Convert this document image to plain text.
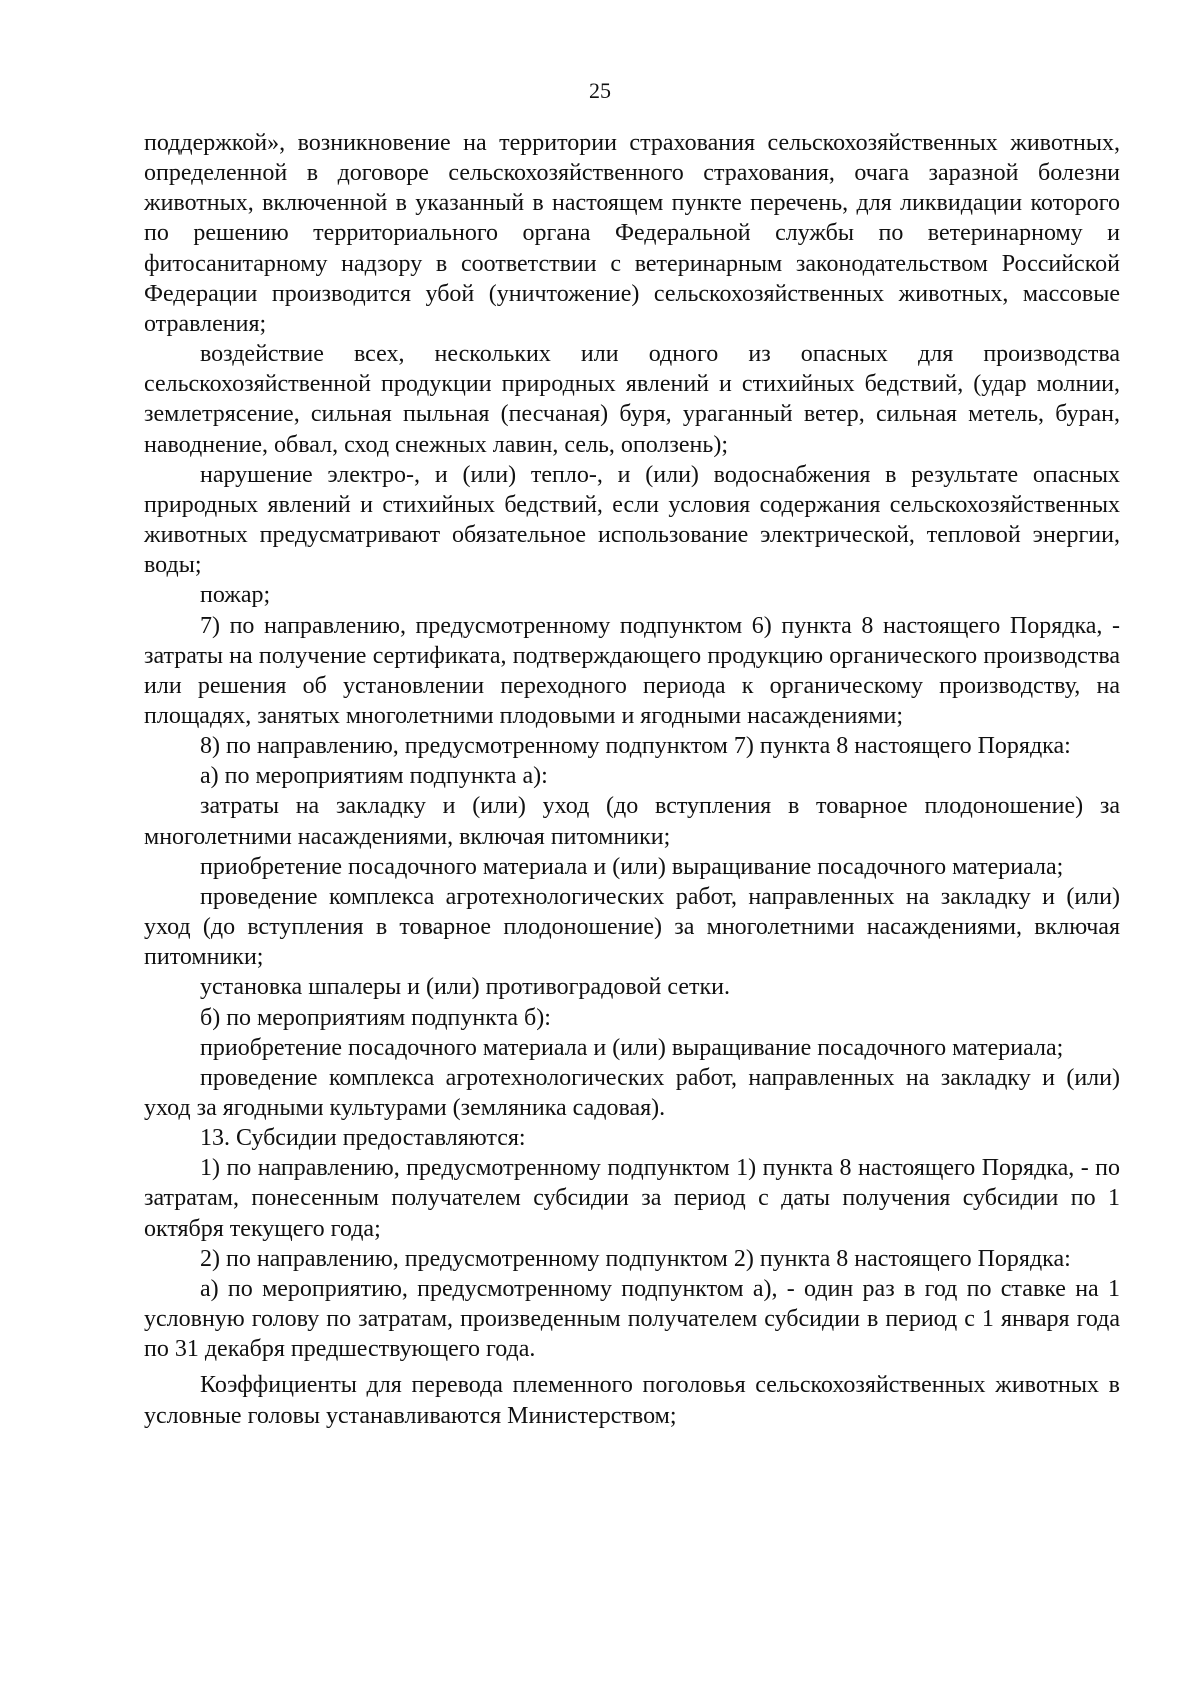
25

поддержкой», возникновение на территории страхования сельскохозяйственных животных, определенной в договоре сельскохозяйственного страхования, очага заразной болезни животных, включенной в указанный в настоящем пункте перечень, для ликвидации которого по решению территориального органа Федеральной службы по ветеринарному и фитосанитарному надзору в соответствии с ветеринарным законодательством Российской Федерации производится убой (уничтожение) сельскохозяйственных животных, массовые отравления;

воздействие всех, нескольких или одного из опасных для производства сельскохозяйственной продукции природных явлений и стихийных бедствий, (удар молнии, землетрясение, сильная пыльная (песчаная) буря, ураганный ветер, сильная метель, буран, наводнение, обвал, сход снежных лавин, сель, оползень);

нарушение электро-, и (или) тепло-, и (или) водоснабжения в результате опасных природных явлений и стихийных бедствий, если условия содержания сельскохозяйственных животных предусматривают обязательное использование электрической, тепловой энергии, воды;

пожар;

7) по направлению, предусмотренному подпунктом 6) пункта 8 настоящего Порядка, - затраты на получение сертификата, подтверждающего продукцию органического производства или решения об установлении переходного периода к органическому производству, на площадях, занятых многолетними плодовыми и ягодными насаждениями;

8) по направлению, предусмотренному подпунктом 7) пункта 8 настоящего Порядка:

а) по мероприятиям подпункта а):

затраты на закладку и (или) уход (до вступления в товарное плодоношение) за многолетними насаждениями, включая питомники;

приобретение посадочного материала и (или) выращивание посадочного материала;

проведение комплекса агротехнологических работ, направленных на закладку и (или) уход (до вступления в товарное плодоношение) за многолетними насаждениями, включая питомники;

установка шпалеры и (или) противоградовой сетки.

б) по мероприятиям подпункта б):

приобретение посадочного материала и (или) выращивание посадочного материала;

проведение комплекса агротехнологических работ, направленных на закладку и (или) уход за ягодными культурами (земляника садовая).

13. Субсидии предоставляются:

1) по направлению, предусмотренному подпунктом 1) пункта 8 настоящего Порядка, - по затратам, понесенным получателем субсидии за период с даты получения субсидии по 1 октября текущего года;

2) по направлению, предусмотренному подпунктом 2) пункта 8 настоящего Порядка:

а) по мероприятию, предусмотренному подпунктом а), - один раз в год по ставке на 1 условную голову по затратам, произведенным получателем субсидии в период с 1 января года по 31 декабря предшествующего года.

Коэффициенты для перевода племенного поголовья сельскохозяйственных животных в условные головы устанавливаются Министерством;
